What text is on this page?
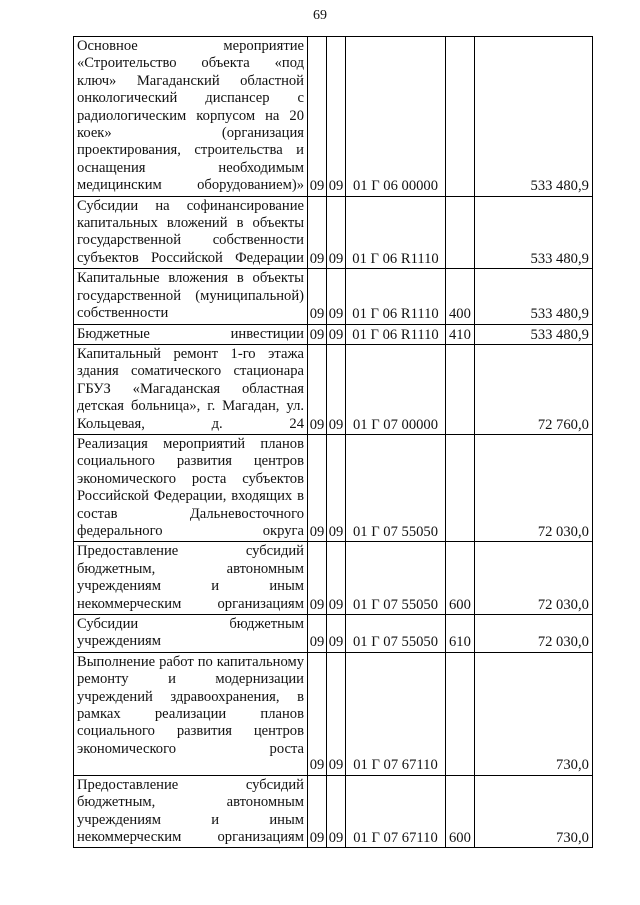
69
Основное мероприятие «Строительство объекта «под ключ» Магаданский областной онкологический диспансер с радиологическим корпусом на 20 коек» (организация проектирования, строительства и оснащения необходимым медицинским оборудованием)»	09	09	01 Г 06 00000		533 480,9
Субсидии на софинансирование капитальных вложений в объекты государственной собственности субъектов Российской Федерации	09	09	01 Г 06 R1110		533 480,9
Капитальные вложения в объекты государственной (муниципальной) собственности	09	09	01 Г 06 R1110	400	533 480,9
Бюджетные инвестиции	09	09	01 Г 06 R1110	410	533 480,9
Капитальный ремонт 1-го этажа здания соматического стационара ГБУЗ «Магаданская областная детская больница», г. Магадан, ул. Кольцевая, д. 24	09	09	01 Г 07 00000		72 760,0
Реализация мероприятий планов социального развития центров экономического роста субъектов Российской Федерации, входящих в состав Дальневосточного федерального округа	09	09	01 Г 07 55050		72 030,0
Предоставление субсидий бюджетным, автономным учреждениям и иным некоммерческим организациям	09	09	01 Г 07 55050	600	72 030,0
Субсидии бюджетным учреждениям	09	09	01 Г 07 55050	610	72 030,0
Выполнение работ по капитальному ремонту и модернизации учреждений здравоохранения, в рамках реализации планов социального развития центров экономического роста	09	09	01 Г 07 67110		730,0
Предоставление субсидий бюджетным, автономным учреждениям и иным некоммерческим организациям	09	09	01 Г 07 67110	600	730,0
